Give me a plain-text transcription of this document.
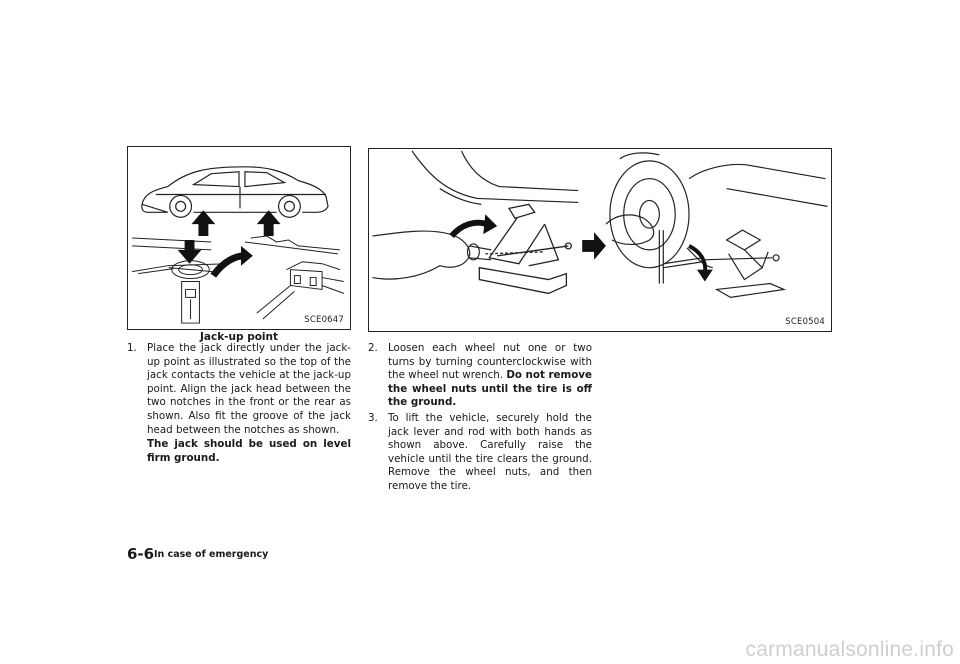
SCE0647
Jack-up point
SCE0504
1. Place the jack directly under the jack-up point as illustrated so the top of the jack contacts the vehicle at the jack-up point. Align the jack head between the two notches in the front or the rear as shown. Also fit the groove of the jack head between the notches as shown.
The jack should be used on level firm ground.
2. Loosen each wheel nut one or two turns by turning counterclockwise with the wheel nut wrench. Do not remove the wheel nuts until the tire is off the ground.
3. To lift the vehicle, securely hold the jack lever and rod with both hands as shown above. Carefully raise the vehicle until the tire clears the ground. Remove the wheel nuts, and then remove the tire.
6-6 In case of emergency
carmanualsonline.info
